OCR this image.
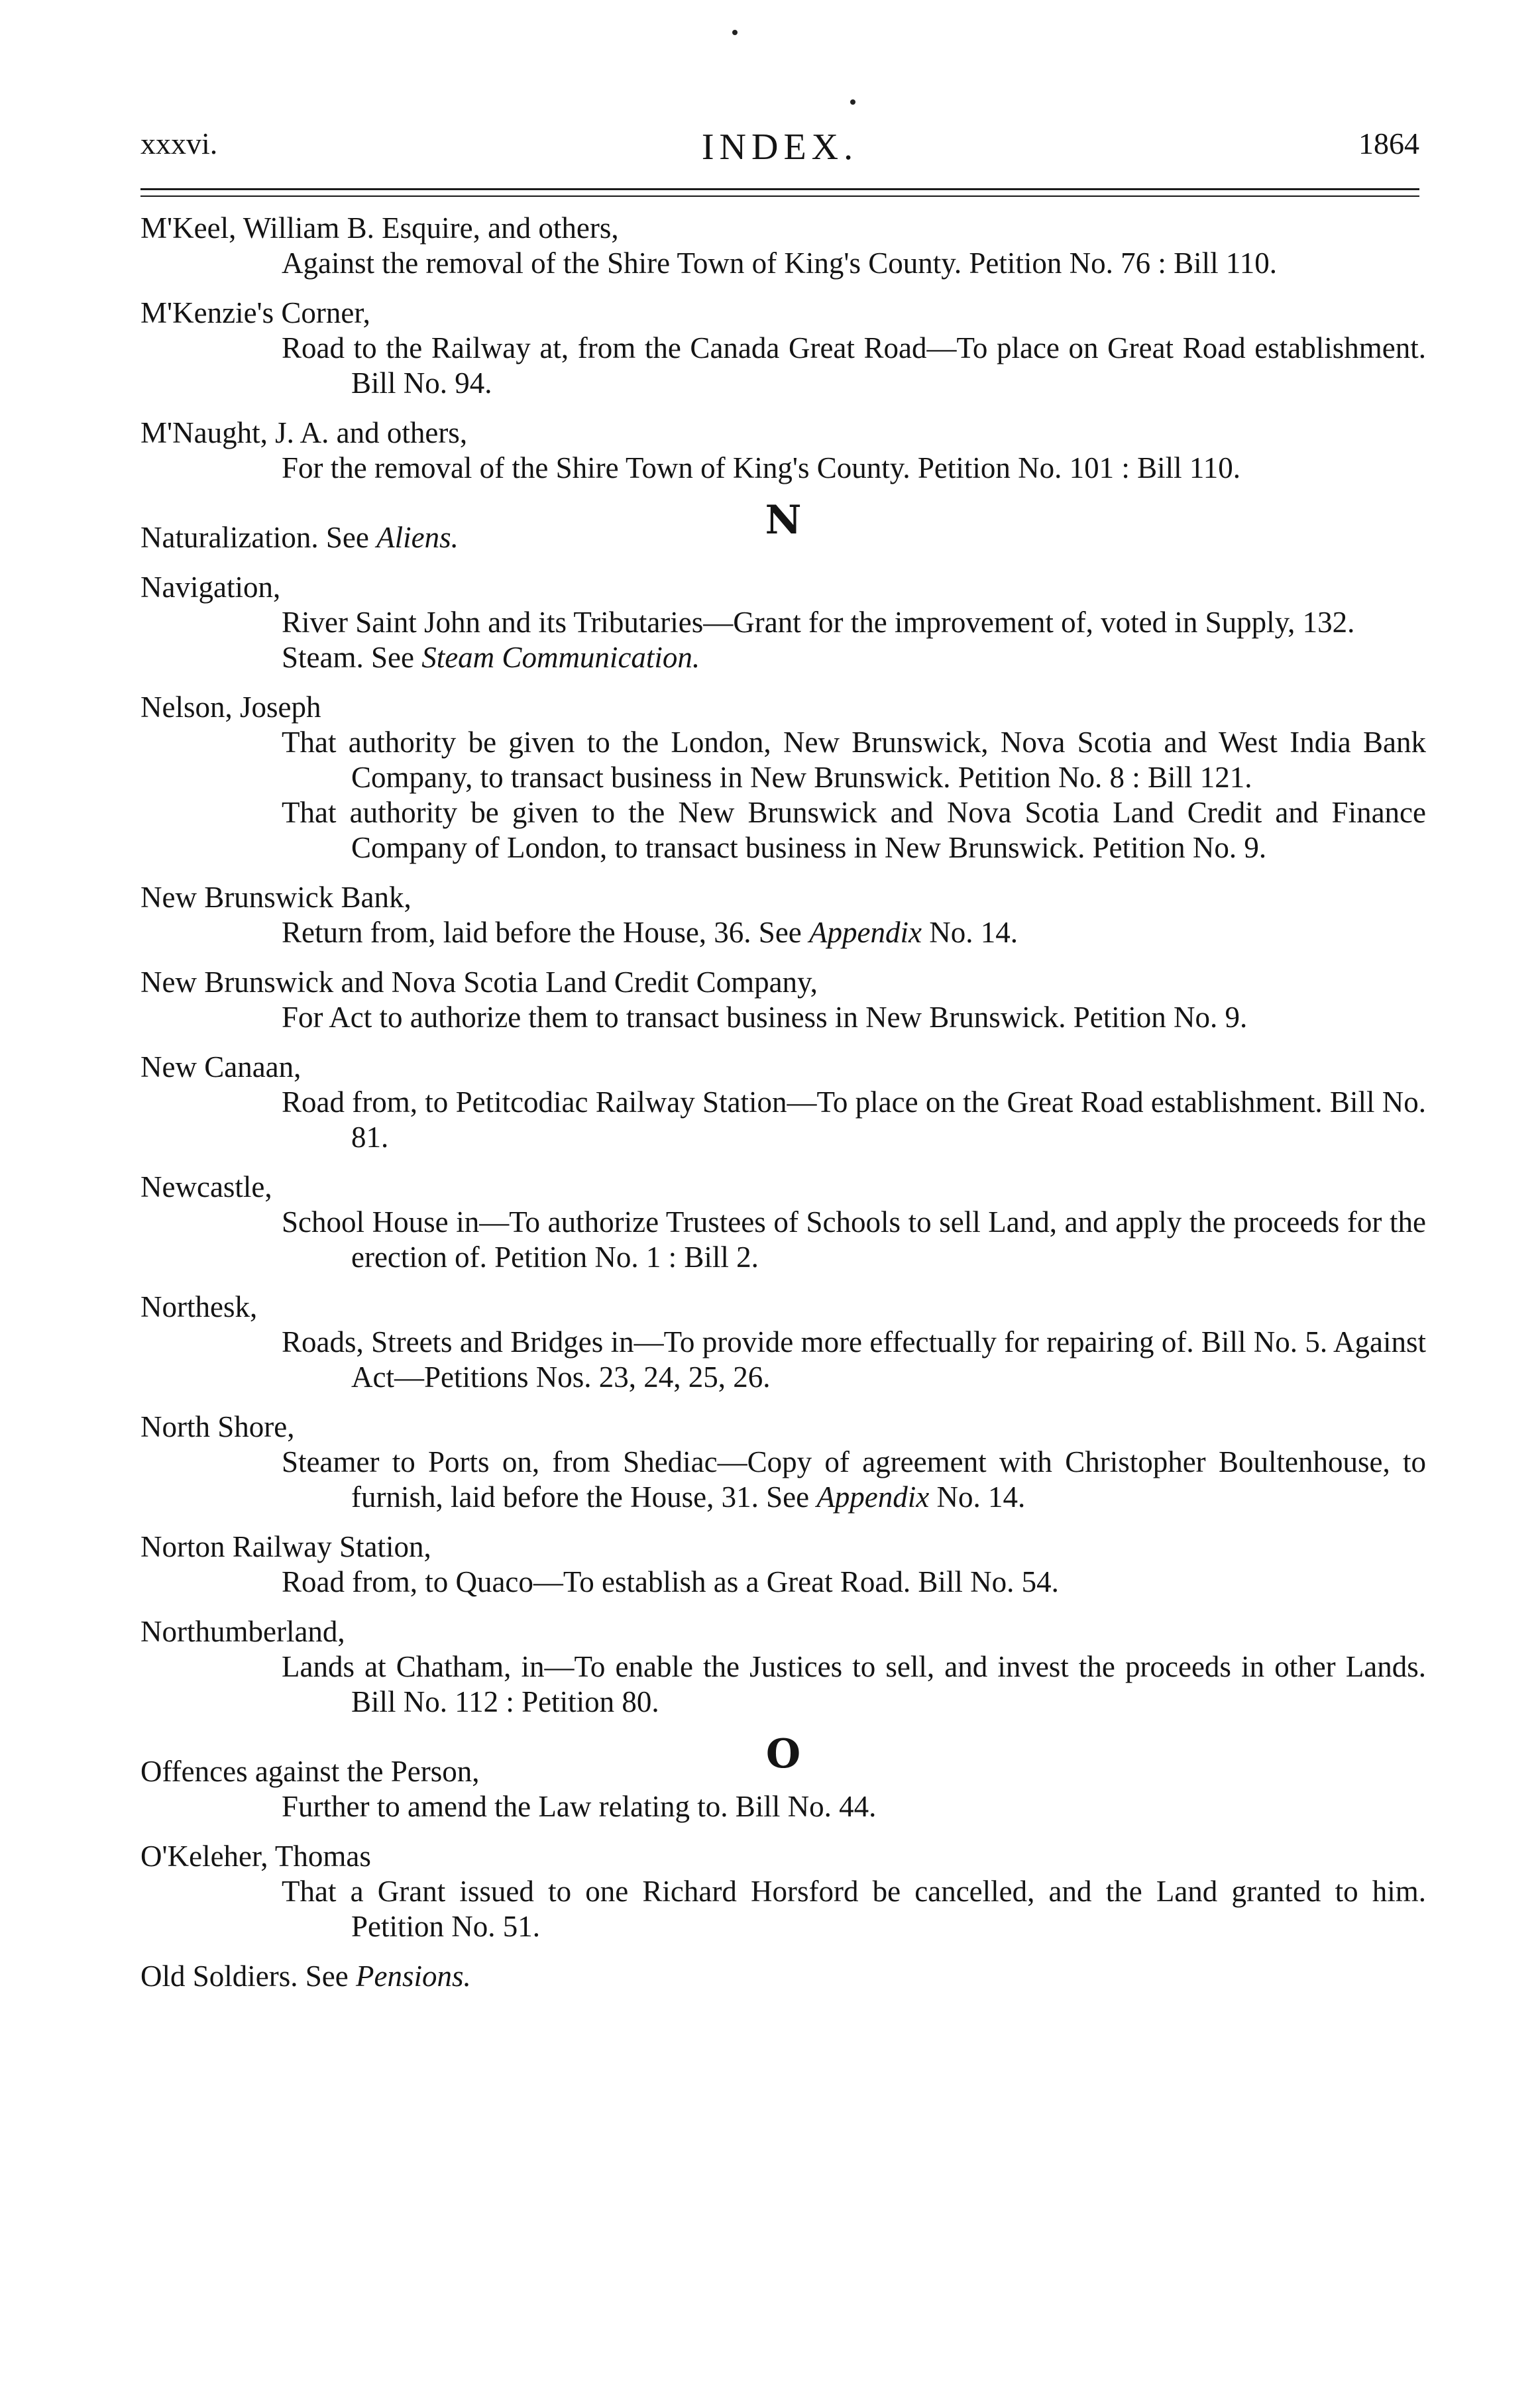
xxxvi.	INDEX.	1864
M'Keel, William B. Esquire, and others,
Against the removal of the Shire Town of King's County. Petition No. 76 : Bill 110.
M'Kenzie's Corner,
Road to the Railway at, from the Canada Great Road—To place on Great Road establishment. Bill No. 94.
M'Naught, J. A. and others,
For the removal of the Shire Town of King's County. Petition No. 101 : Bill 110.
N
Naturalization. See Aliens.
Navigation,
River Saint John and its Tributaries—Grant for the improvement of, voted in Supply, 132.
Steam. See Steam Communication.
Nelson, Joseph
That authority be given to the London, New Brunswick, Nova Scotia and West India Bank Company, to transact business in New Brunswick. Petition No. 8 : Bill 121.
That authority be given to the New Brunswick and Nova Scotia Land Credit and Finance Company of London, to transact business in New Brunswick. Petition No. 9.
New Brunswick Bank,
Return from, laid before the House, 36. See Appendix No. 14.
New Brunswick and Nova Scotia Land Credit Company,
For Act to authorize them to transact business in New Brunswick. Petition No. 9.
New Canaan,
Road from, to Petitcodiac Railway Station—To place on the Great Road establishment. Bill No. 81.
Newcastle,
School House in—To authorize Trustees of Schools to sell Land, and apply the proceeds for the erection of. Petition No. 1 : Bill 2.
Northesk,
Roads, Streets and Bridges in—To provide more effectually for repairing of. Bill No. 5. Against Act—Petitions Nos. 23, 24, 25, 26.
North Shore,
Steamer to Ports on, from Shediac—Copy of agreement with Christopher Boultenhouse, to furnish, laid before the House, 31. See Appendix No. 14.
Norton Railway Station,
Road from, to Quaco—To establish as a Great Road. Bill No. 54.
Northumberland,
Lands at Chatham, in—To enable the Justices to sell, and invest the proceeds in other Lands. Bill No. 112 : Petition 80.
O
Offences against the Person,
Further to amend the Law relating to. Bill No. 44.
O'Keleher, Thomas
That a Grant issued to one Richard Horsford be cancelled, and the Land granted to him. Petition No. 51.
Old Soldiers. See Pensions.
